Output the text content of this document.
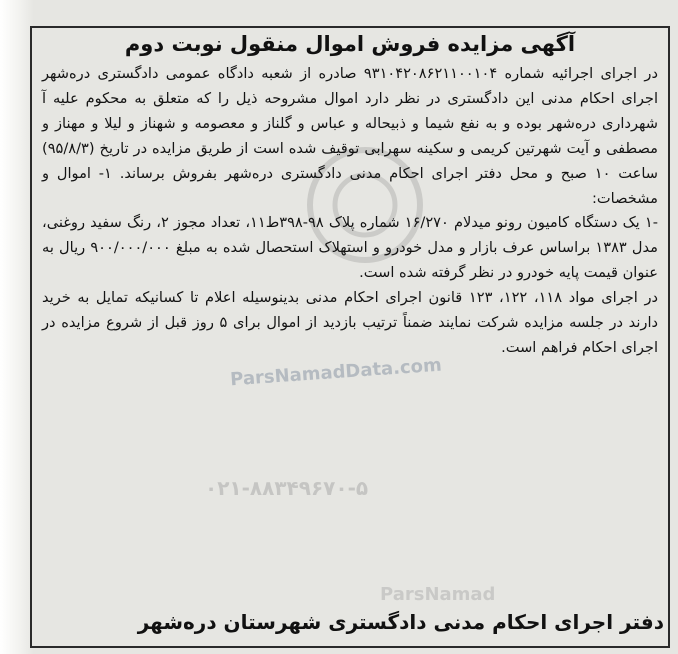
آگهی مزایده فروش اموال منقول نوبت دوم

در اجرای اجرائیه شماره ۹۳۱۰۴۲۰۸۶۲۱۱۰۰۱۰۴ صادره از شعبه دادگاه عمومی دادگستری دره‌شهر اجرای احکام مدنی این دادگستری در نظر دارد اموال مشروحه ذیل را که متعلق به محکوم علیه آ شهرداری دره‌شهر بوده و به نفع شیما و ذبیحاله و عباس و گلناز و معصومه و شهناز و لیلا و مهناز و مصطفی و آیت شهرتین کریمی و سکینه سهرابی توقیف شده است از طریق مزایده در تاریخ (۹۵/۸/۳) ساعت ۱۰ صبح و محل دفتر اجرای احکام مدنی دادگستری دره‌شهر بفروش برساند. ۱- اموال و مشخصات:

-۱ یک دستگاه کامیون رونو میدلام ۱۶/۲۷۰ شماره پلاک ۹۸-۳۹۸ط۱۱، تعداد مجوز ۲، رنگ سفید روغنی، مدل ۱۳۸۳ براساس عرف بازار و مدل خودرو و استهلاک استحصال شده به مبلغ ۹۰۰/۰۰۰/۰۰۰ ریال به عنوان قیمت پایه خودرو در نظر گرفته شده است.

در اجرای مواد ۱۱۸، ۱۲۲، ۱۲۳ قانون اجرای احکام مدنی بدینوسیله اعلام تا کسانیکه تمایل به خرید دارند در جلسه مزایده شرکت نمایند ضمناً ترتیب بازدید از اموال برای ۵ روز قبل از شروع مزایده در اجرای احکام فراهم است.

ParsNamadData.com
۰۲۱-۸۸۳۴۹۶۷۰-۵
ParsNamad
دفتر اجرای احکام مدنی دادگستری شهرستان دره‌شهر
